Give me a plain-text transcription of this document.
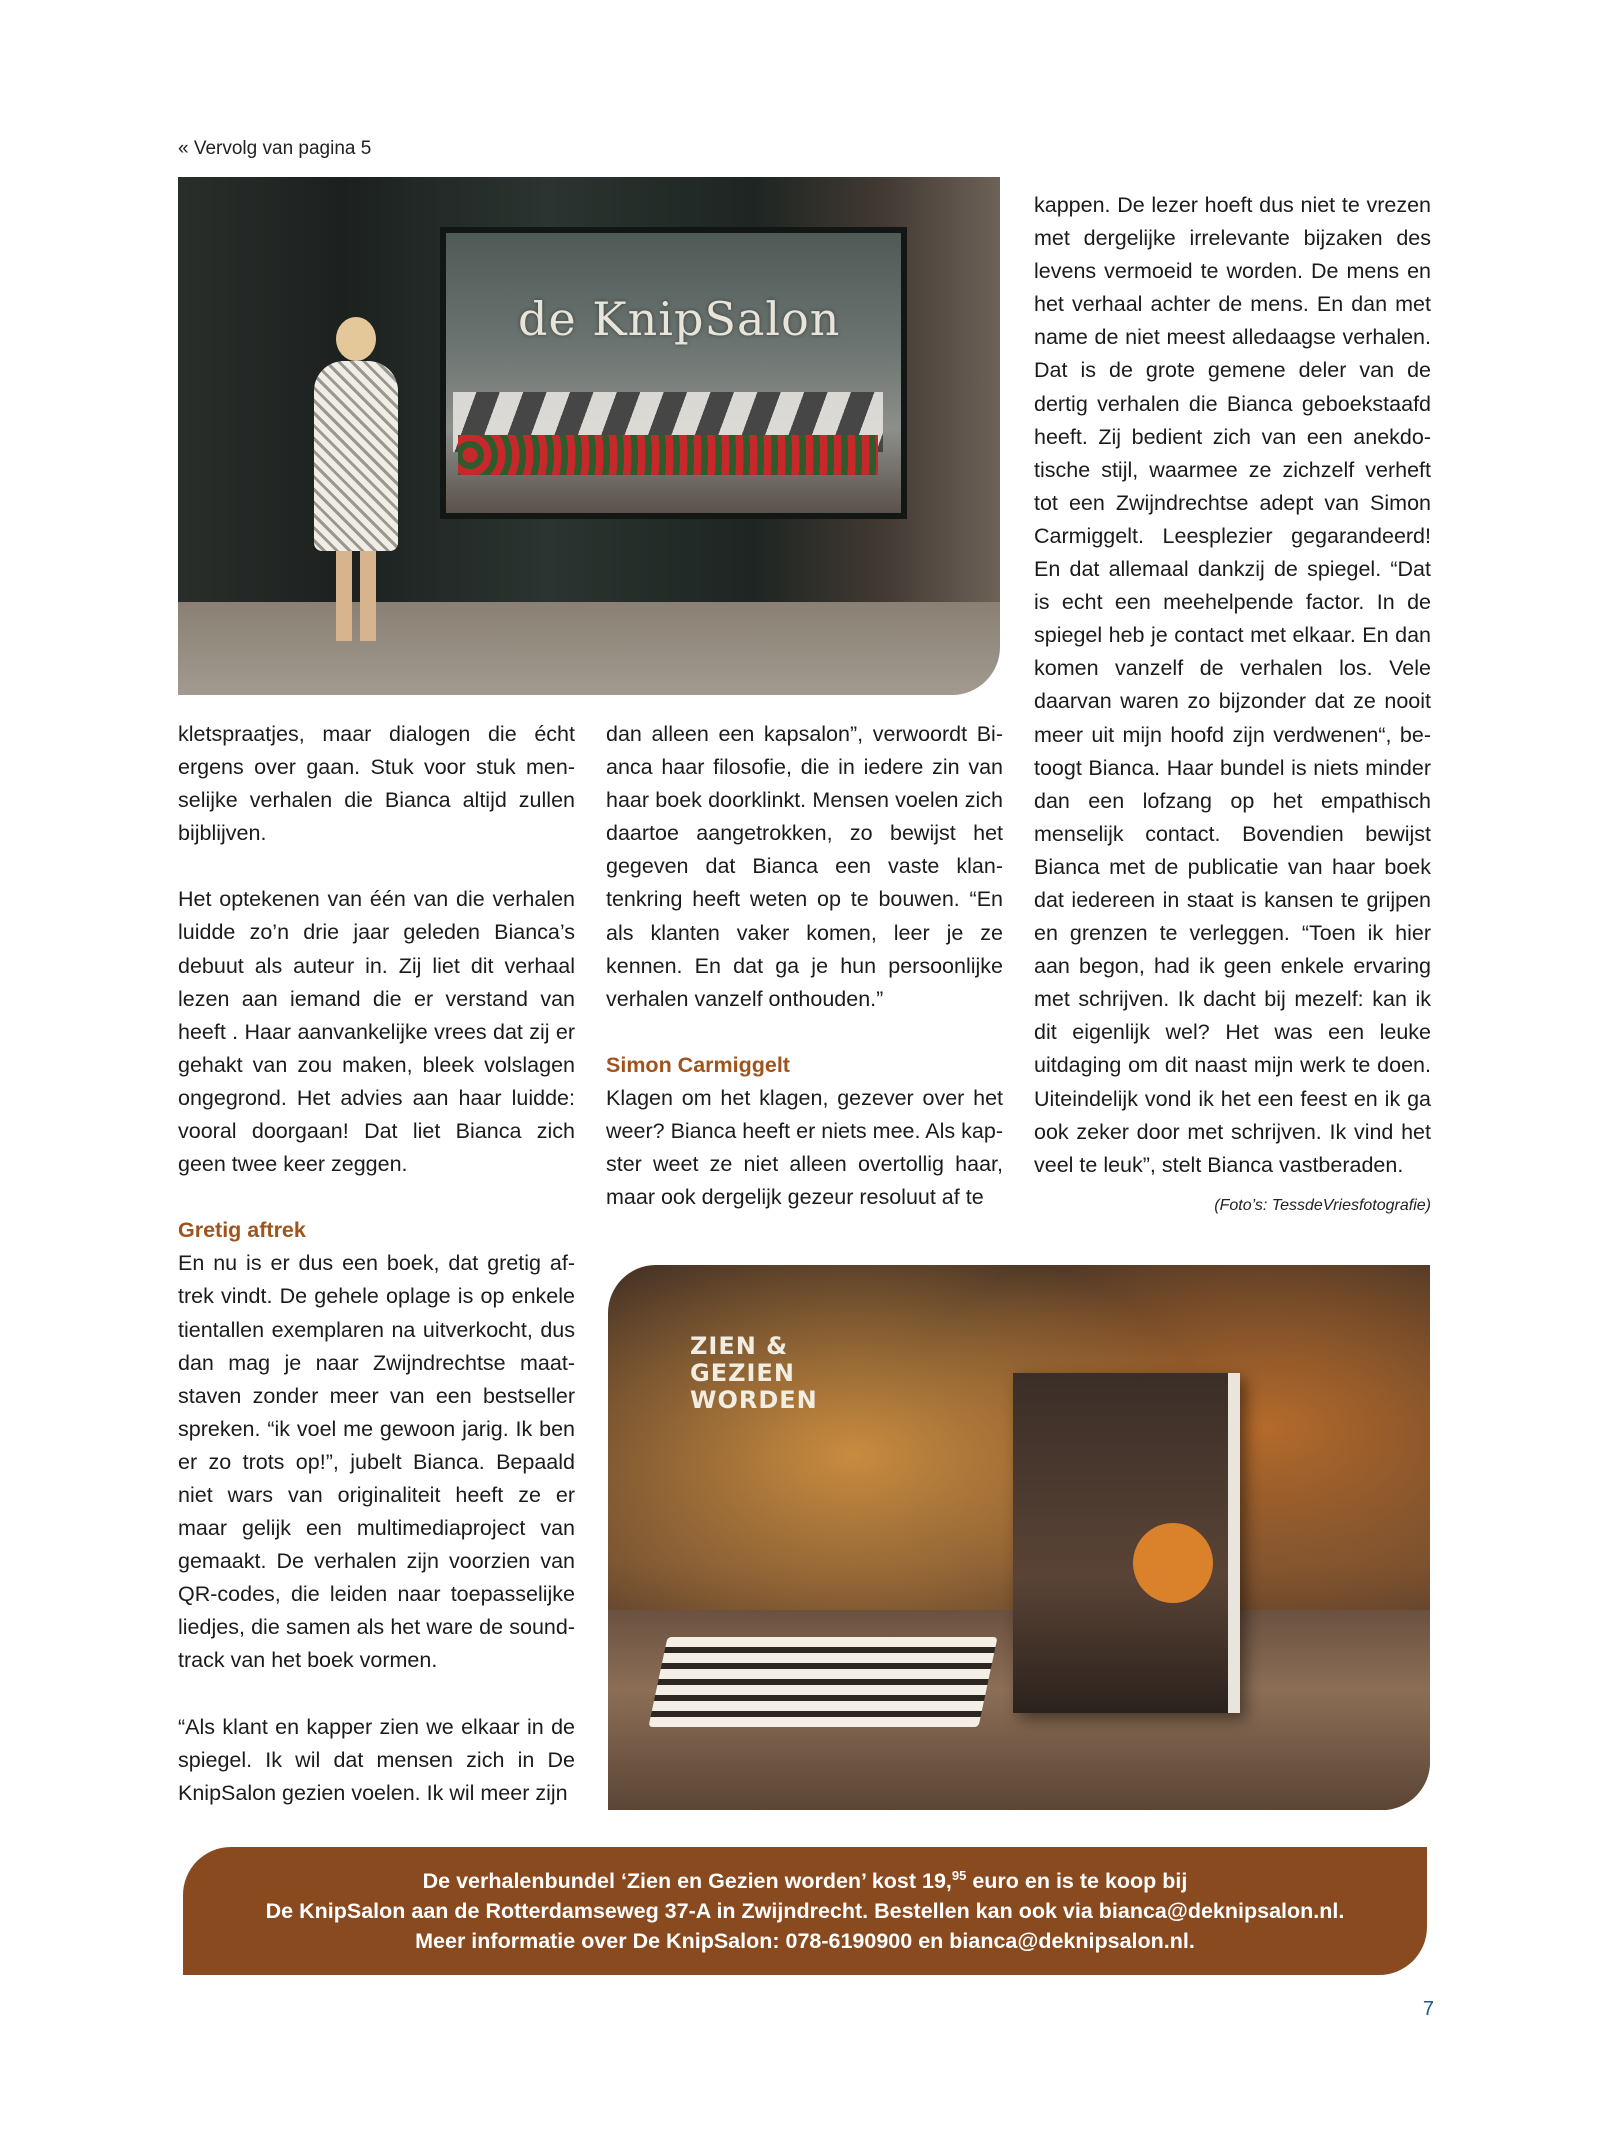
« Vervolg van pagina 5
de KnipSalon

kletspraatjes, maar dialogen die écht ergens over gaan. Stuk voor stuk menselijke verhalen die Bianca altijd zullen bijblijven.

Het optekenen van één van die verhalen luidde zo’n drie jaar geleden Bianca’s debuut als auteur in. Zij liet dit verhaal lezen aan iemand die er verstand van heeft . Haar aanvankelijke vrees dat zij er gehakt van zou maken, bleek volslagen ongegrond. Het advies aan haar luidde: vooral doorgaan! Dat liet Bianca zich geen twee keer zeggen.

Gretig aftrek

En nu is er dus een boek, dat gretig aftrek vindt. De gehele oplage is op enkele tientallen exemplaren na uitverkocht, dus dan mag je naar Zwijndrechtse maatstaven zonder meer van een bestseller spreken. “ik voel me gewoon jarig. Ik ben er zo trots op!”, jubelt Bianca. Bepaald niet wars van originaliteit heeft ze er maar gelijk een multimediaproject van gemaakt. De verhalen zijn voorzien van QR-codes, die leiden naar toepasselijke liedjes, die samen als het ware de soundtrack van het boek vormen.

“Als klant en kapper zien we elkaar in de spiegel. Ik wil dat mensen zich in De KnipSalon gezien voelen. Ik wil meer zijn

dan alleen een kapsalon”, verwoordt Bianca haar filosofie, die in iedere zin van haar boek doorklinkt. Mensen voelen zich daartoe aangetrokken, zo bewijst het gegeven dat Bianca een vaste klantenkring heeft weten op te bouwen. “En als klanten vaker komen, leer je ze kennen. En dat ga je hun persoonlijke verhalen vanzelf onthouden.”

Simon Carmiggelt

Klagen om het klagen, gezever over het weer? Bianca heeft er niets mee. Als kapster weet ze niet alleen overtollig haar, maar ook dergelijk gezeur resoluut af te

kappen. De lezer hoeft dus niet te vrezen met dergelijke irrelevante bijzaken des levens vermoeid te worden. De mens en het verhaal achter de mens. En dan met name de niet meest alledaagse verhalen. Dat is de grote gemene deler van de dertig verhalen die Bianca geboekstaafd heeft. Zij bedient zich van een anekdotische stijl, waarmee ze zichzelf verheft tot een Zwijndrechtse adept van Simon Carmiggelt. Leesplezier gegarandeerd! En dat allemaal dankzij de spiegel. “Dat is echt een meehelpende factor. In de spiegel heb je contact met elkaar. En dan komen vanzelf de verhalen los. Vele daarvan waren zo bijzonder dat ze nooit meer uit mijn hoofd zijn verdwenen“, betoogt Bianca. Haar bundel is niets minder dan een lofzang op het empathisch menselijk contact. Bovendien bewijst Bianca met de publicatie van haar boek dat iedereen in staat is kansen te grijpen en grenzen te verleggen. “Toen ik hier aan begon, had ik geen enkele ervaring met schrijven. Ik dacht bij mezelf: kan ik dit eigenlijk wel? Het was een leuke uitdaging om dit naast mijn werk te doen. Uiteindelijk vond ik het een feest en ik ga ook zeker door met schrijven. Ik vind het veel te leuk”, stelt Bianca vastberaden.

(Foto’s: TessdeVriesfotografie)
ZIEN & GEZIEN WORDEN
De verhalenbundel ‘Zien en Gezien worden’ kost 19,95 euro en is te koop bij
De KnipSalon aan de Rotterdamseweg 37-A in Zwijndrecht. Bestellen kan ook via bianca@deknipsalon.nl.
Meer informatie over De KnipSalon: 078-6190900 en bianca@deknipsalon.nl.
7
